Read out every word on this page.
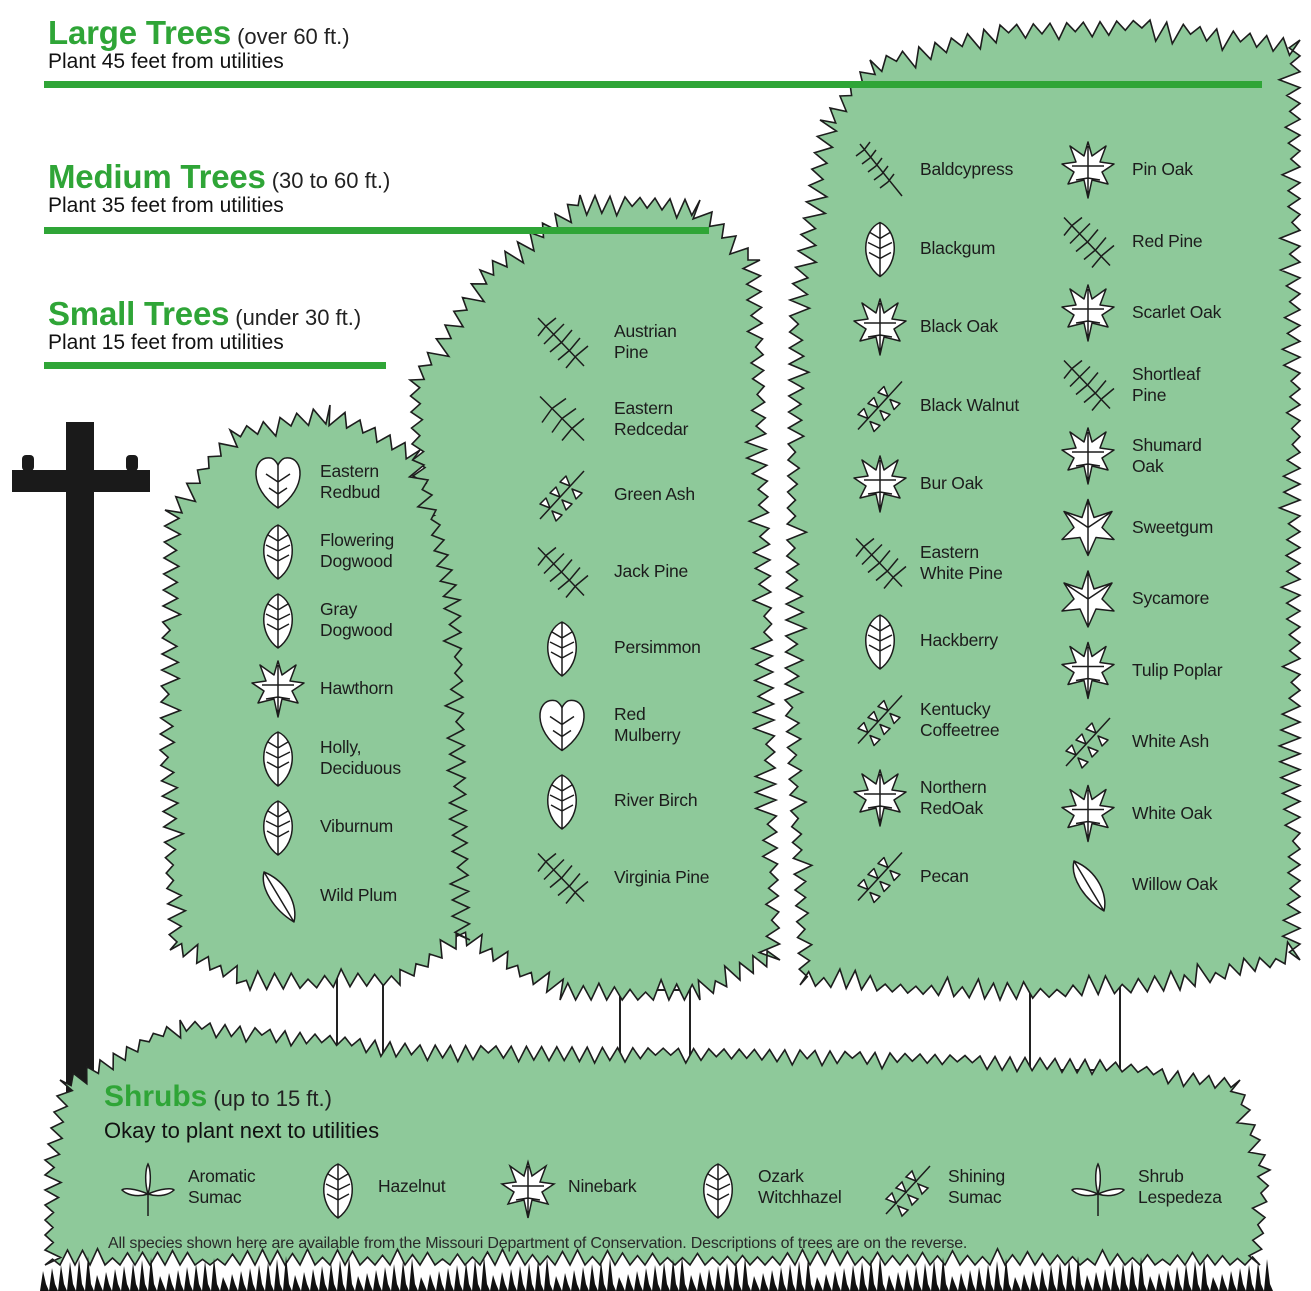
Large Trees (over 60 ft.)
Plant 45 feet from utilities
Medium Trees (30 to 60 ft.)
Plant 35 feet from utilities
Small Trees (under 30 ft.)
Plant 15 feet from utilities
Shrubs (up to 15 ft.)
Okay to plant next to utilities
Eastern
Redbud
Flowering
Dogwood
Gray
Dogwood
Hawthorn
Holly,
Deciduous
Viburnum
Wild Plum
Austrian
Pine
Eastern
Redcedar
Green Ash
Jack Pine
Persimmon
Red
Mulberry
River Birch
Virginia Pine
Baldcypress
Blackgum
Black Oak
Black Walnut
Bur Oak
Eastern
White Pine
Hackberry
Kentucky
Coffeetree
Northern
RedOak
Pecan
Pin Oak
Red Pine
Scarlet Oak
Shortleaf
Pine
Shumard
Oak
Sweetgum
Sycamore
Tulip Poplar
White Ash
White Oak
Willow Oak
Aromatic
Sumac
Hazelnut	Ninebark	Ozark
Witchhazel
Shining
Sumac
Shrub
Lespedeza
All species shown here are available from the Missouri Department of Conservation. Descriptions of trees are on the reverse.
